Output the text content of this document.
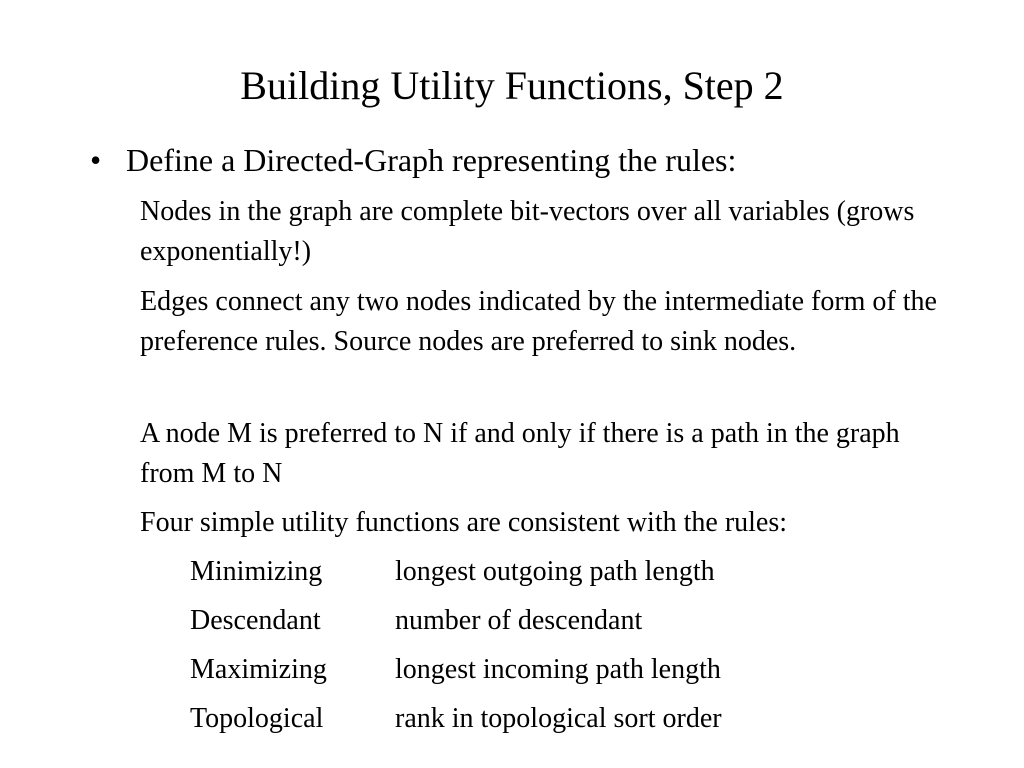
Building Utility Functions, Step 2
• Define a Directed-Graph representing the rules:
Nodes in the graph are complete bit-vectors over all variables (grows exponentially!)
Edges connect any two nodes indicated by the intermediate form of the preference rules. Source nodes are preferred to sink nodes.
A node M is preferred to N if and only if there is a path in the graph from M to N
Four simple utility functions are consistent with the rules:
Minimizing	longest outgoing path length
Descendant	number of descendant
Maximizing longest incoming path length
Topological	rank in topological sort order
